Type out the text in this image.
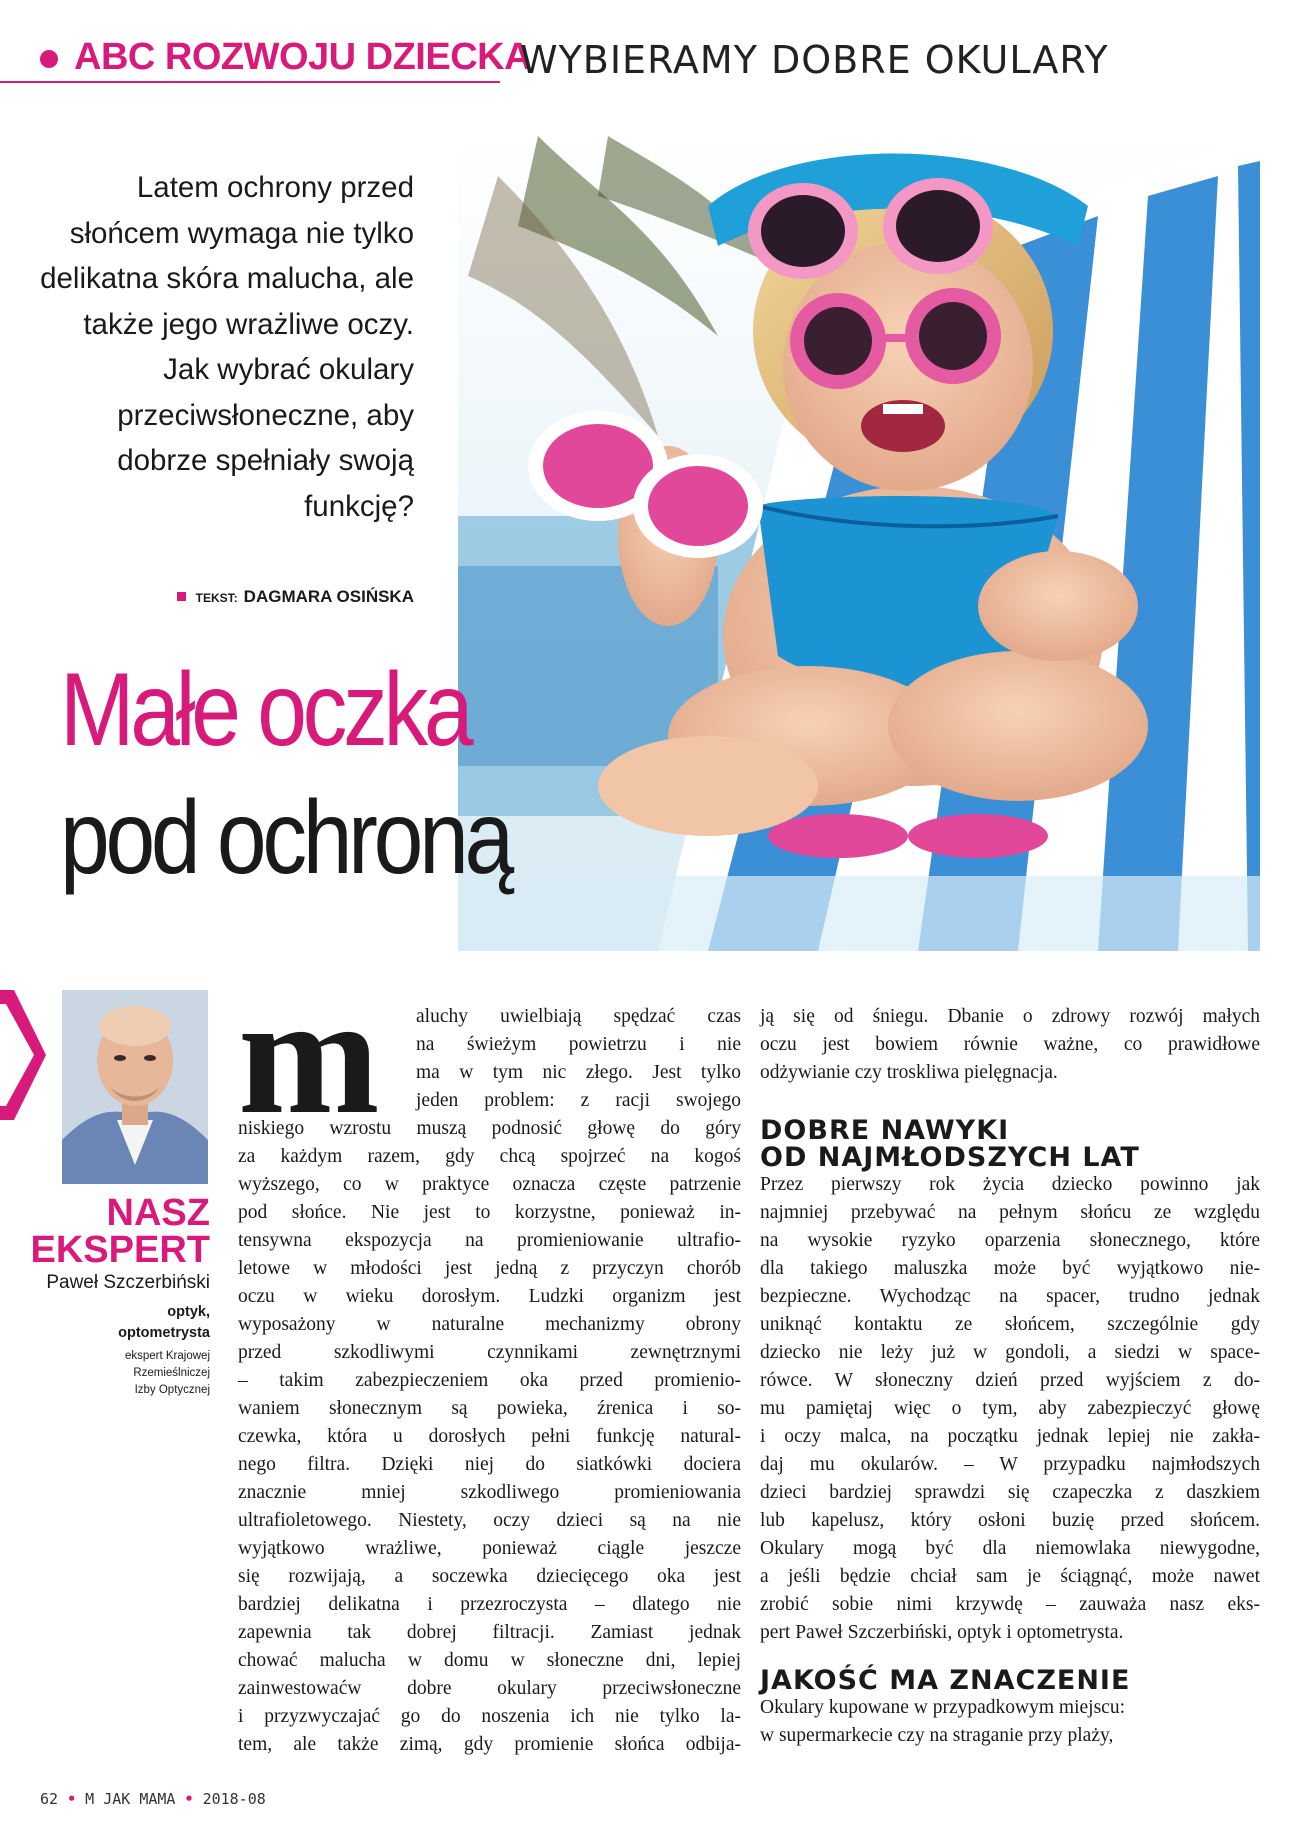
ABC ROZWOJU DZIECKA
WYBIERAMY DOBRE OKULARY
Latem ochrony przed słońcem wymaga nie tylko delikatna skóra malucha, ale także jego wrażliwe oczy. Jak wybrać okulary przeciwsłoneczne, aby dobrze spełniały swoją funkcję?
TEKST: DAGMARA OSIŃSKA
Małe oczka
pod ochroną
NASZ
EKSPERT
Paweł Szczerbiński
optyk,
optometrysta
ekspert Krajowej
Rzemieślniczej
Izby Optycznej
m	aluchy uwielbiają spędzać czas
na świeżym powietrzu i nie
ma w tym nic złego. Jest tylko
jeden problem: z racji swojego
niskiego wzrostu muszą podnosić głowę do góry
za każdym razem, gdy chcą spojrzeć na kogoś
wyższego, co w praktyce oznacza częste patrzenie
pod słońce. Nie jest to korzystne, ponieważ in-
tensywna ekspozycja na promieniowanie ultrafio-
letowe w młodości jest jedną z przyczyn chorób
oczu w wieku dorosłym. Ludzki organizm jest
wyposażony w naturalne mechanizmy obrony
przed szkodliwymi czynnikami zewnętrznymi
– takim zabezpieczeniem oka przed promienio-
waniem słonecznym są powieka, źrenica i so-
czewka, która u dorosłych pełni funkcję natural-
nego filtra. Dzięki niej do siatkówki dociera
znacznie mniej szkodliwego promieniowania
ultrafioletowego. Niestety, oczy dzieci są na nie
wyjątkowo wrażliwe, ponieważ ciągle jeszcze
się rozwijają, a soczewka dziecięcego oka jest
bardziej delikatna i przezroczysta – dlatego nie
zapewnia tak dobrej filtracji. Zamiast jednak
chować malucha w domu w słoneczne dni, lepiej
zainwestowaćw dobre okulary przeciwsłoneczne
i przyzwyczajać go do noszenia ich nie tylko la-
tem, ale także zimą, gdy promienie słońca odbija-
ją się od śniegu. Dbanie o zdrowy rozwój małych
oczu jest bowiem równie ważne, co prawidłowe
odżywianie czy troskliwa pielęgnacja.
DOBRE NAWYKI
OD NAJMŁODSZYCH LAT
Przez pierwszy rok życia dziecko powinno jak
najmniej przebywać na pełnym słońcu ze względu
na wysokie ryzyko oparzenia słonecznego, które
dla takiego maluszka może być wyjątkowo nie-
bezpieczne. Wychodząc na spacer, trudno jednak
uniknąć kontaktu ze słońcem, szczególnie gdy
dziecko nie leży już w gondoli, a siedzi w space-
rówce. W słoneczny dzień przed wyjściem z do-
mu pamiętaj więc o tym, aby zabezpieczyć głowę
i oczy malca, na początku jednak lepiej nie zakła-
daj mu okularów. – W przypadku najmłodszych
dzieci bardziej sprawdzi się czapeczka z daszkiem
lub kapelusz, który osłoni buzię przed słońcem.
Okulary mogą być dla niemowlaka niewygodne,
a jeśli będzie chciał sam je ściągnąć, może nawet
zrobić sobie nimi krzywdę – zauważa nasz eks-
pert Paweł Szczerbiński, optyk i optometrysta.
JAKOŚĆ MA ZNACZENIE
Okulary kupowane w przypadkowym miejscu:
w supermarkecie czy na straganie przy plaży,
62 • M JAK MAMA • 2018-08
